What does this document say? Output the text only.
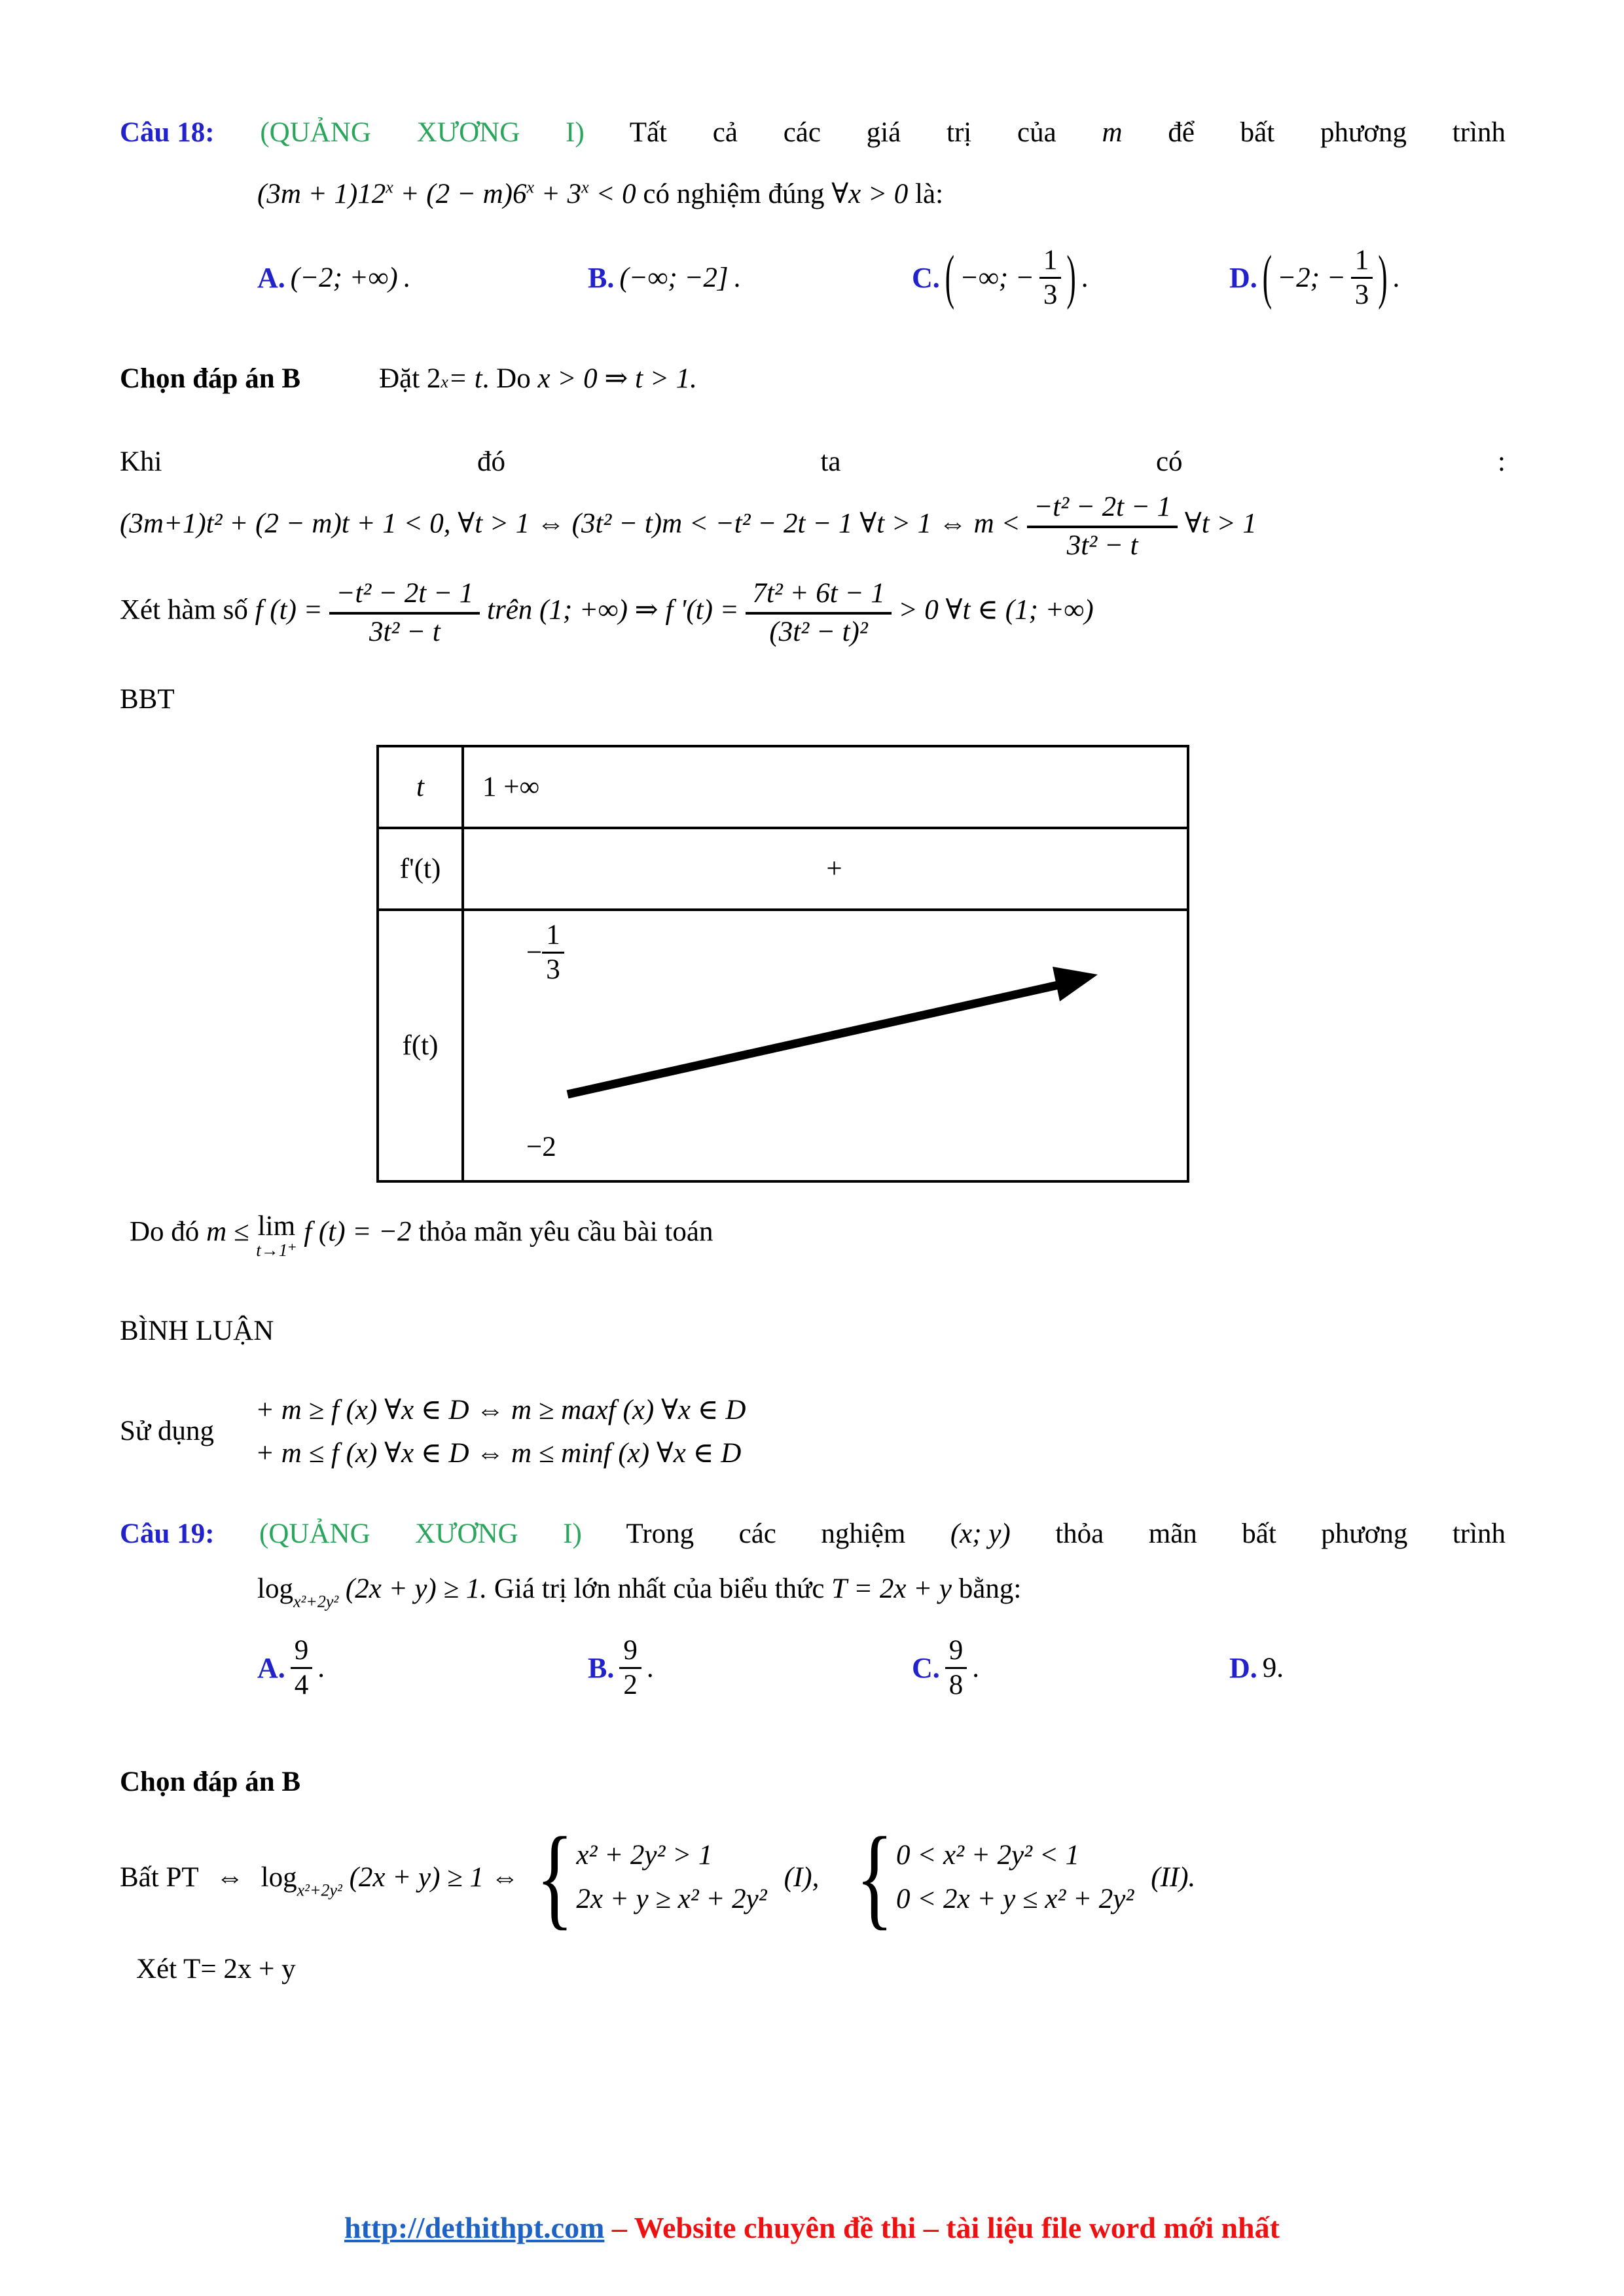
Câu 18: (QUẢNG XƯƠNG I) Tất cả các giá trị của m để bất phương trình

$(3m + 1)12^x + (2 - m)6^x + 3^x < 0$ có nghiệm đúng ∀x > 0 là:

A. (−2; +∞) .	B. (−∞; −2] .	C. ( −∞; − $\frac{1}{3}$ ) .	D. ( −2; − $\frac{1}{3}$ ) .
Chọn đáp án B	Đặt
2 x = t . Do
x > 0 ⇒ t > 1.

Khi đó ta có :

(3m+1)t² + (2 − m)t + 1 < 0, ∀t > 1 ⇔ (3t² − t)m < −t² − 2t − 1 ∀t > 1 ⇔ $m < \frac{\text{−t² − 2t − 1}}{\text{3t² − t}}$ ∀t > 1

Xét hàm số f $(t) = \frac{\text{−t² − 2t − 1}}{\text{3t² − t}}$ trên (1; +∞) ⇒ f '$(t) = \frac{\text{7t² + 6t − 1}}{\text{(3t² − t)²}} > 0$ ∀t ∈ (1; +∞)

BBT

t	1 +∞
f'(t)	+
f(t)	− $\frac{1}{3}$
−2

Do đó m ≤ lim
t→1⁺
f (t) = −2 thỏa mãn yêu cầu bài toán

BÌNH LUẬN

Sử dụng
+ m ≥ f (x) ∀x ∈ D ⇔ m ≥ maxf (x) ∀x ∈ D
+ m ≤ f (x) ∀x ∈ D ⇔ m ≤ minf (x) ∀x ∈ D

Câu 19: (QUẢNG XƯƠNG I) Trong các nghiệm (x; y) thỏa mãn bất phương trình

$\log_{x^2+2y^2} (2x + y) \ge 1$. Giá trị lớn nhất của biểu thức T = 2x + y bằng:

A. $\frac{9}{4}$ .	B. $\frac{9}{2}$ .	C. $\frac{9}{8}$ .	D. 9.

Chọn đáp án B

Bất PT ⇔ $\log_{x^2+2y^2} (2x + y) \ge 1$ ⇔ { x² + 2y² > 1
2x + y ≥ x² + 2y²
(I), { 0 < x² + 2y² < 1
0 < 2x + y ≤ x² + 2y²
(II).

Xét T= 2x + y

http://dethithpt.com – Website chuyên đề thi – tài liệu file word mới nhất
